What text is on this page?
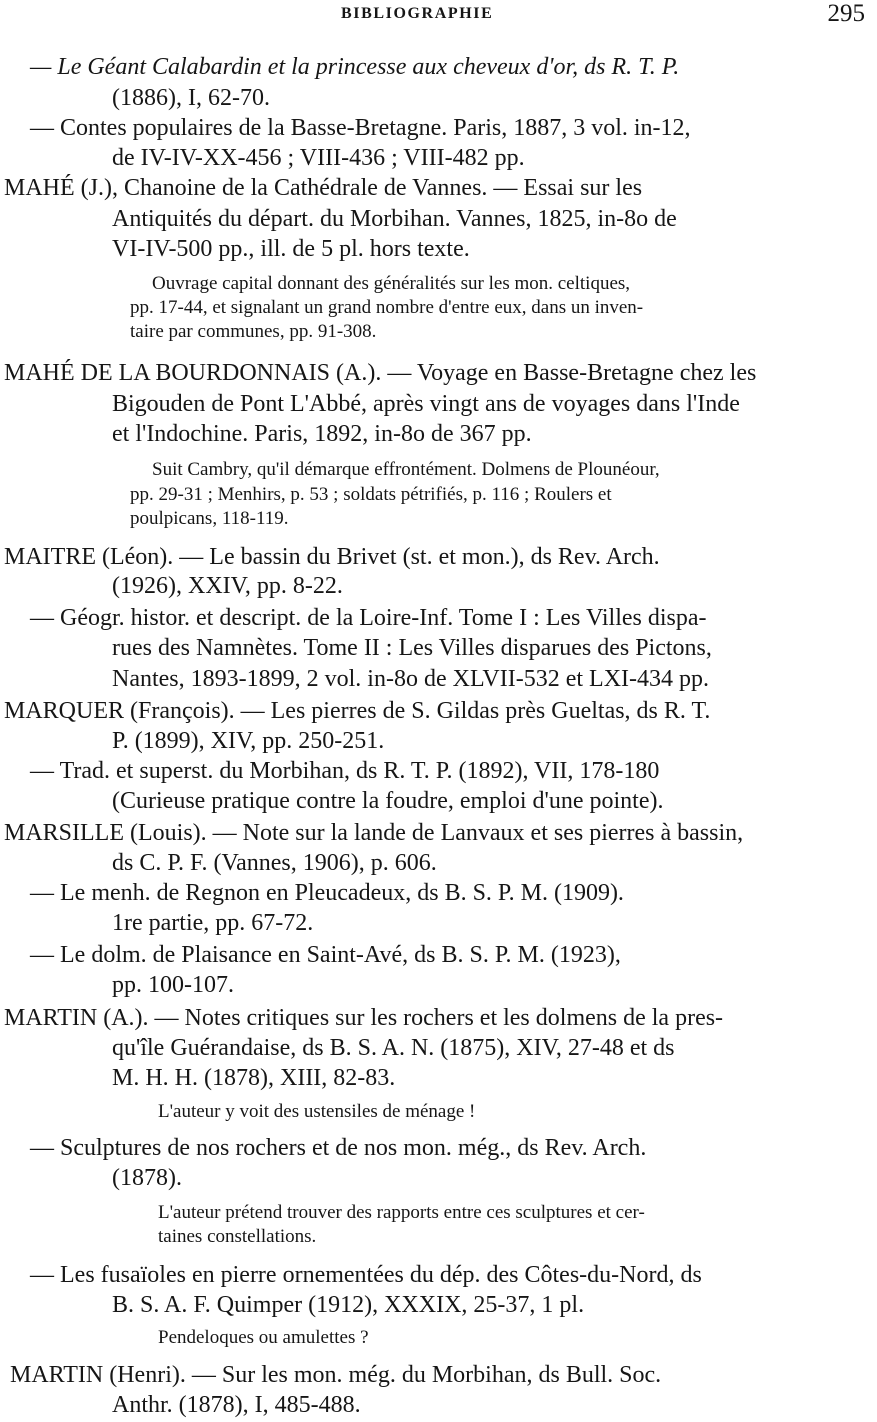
BIBLIOGRAPHIE	295
— Le Géant Calabardin et la princesse aux cheveux d'or, ds R. T. P.
(1886), I, 62-70.
— Contes populaires de la Basse-Bretagne. Paris, 1887, 3 vol. in-12,
de IV-IV-XX-456 ; VIII-436 ; VIII-482 pp.
MAHÉ (J.), Chanoine de la Cathédrale de Vannes. — Essai sur les
Antiquités du départ. du Morbihan. Vannes, 1825, in-8o de
VI-IV-500 pp., ill. de 5 pl. hors texte.
Ouvrage capital donnant des généralités sur les mon. celtiques,
pp. 17-44, et signalant un grand nombre d'entre eux, dans un inven-
taire par communes, pp. 91-308.
MAHÉ DE LA BOURDONNAIS (A.). — Voyage en Basse-Bretagne chez les
Bigouden de Pont L'Abbé, après vingt ans de voyages dans l'Inde
et l'Indochine. Paris, 1892, in-8o de 367 pp.
Suit Cambry, qu'il démarque effrontément. Dolmens de Plounéour,
pp. 29-31 ; Menhirs, p. 53 ; soldats pétrifiés, p. 116 ; Roulers et
poulpicans, 118-119.
MAITRE (Léon). — Le bassin du Brivet (st. et mon.), ds Rev. Arch.
(1926), XXIV, pp. 8-22.
— Géogr. histor. et descript. de la Loire-Inf. Tome I : Les Villes dispa-
rues des Namnètes. Tome II : Les Villes disparues des Pictons,
Nantes, 1893-1899, 2 vol. in-8o de XLVII-532 et LXI-434 pp.
MARQUER (François). — Les pierres de S. Gildas près Gueltas, ds R. T.
P. (1899), XIV, pp. 250-251.
— Trad. et superst. du Morbihan, ds R. T. P. (1892), VII, 178-180
(Curieuse pratique contre la foudre, emploi d'une pointe).
MARSILLE (Louis). — Note sur la lande de Lanvaux et ses pierres à bassin,
ds C. P. F. (Vannes, 1906), p. 606.
— Le menh. de Regnon en Pleucadeux, ds B. S. P. M. (1909).
1re partie, pp. 67-72.
— Le dolm. de Plaisance en Saint-Avé, ds B. S. P. M. (1923),
pp. 100-107.
MARTIN (A.). — Notes critiques sur les rochers et les dolmens de la pres-
qu'île Guérandaise, ds B. S. A. N. (1875), XIV, 27-48 et ds
M. H. H. (1878), XIII, 82-83.
L'auteur y voit des ustensiles de ménage !
— Sculptures de nos rochers et de nos mon. még., ds Rev. Arch.
(1878).
L'auteur prétend trouver des rapports entre ces sculptures et cer-
taines constellations.
— Les fusaïoles en pierre ornementées du dép. des Côtes-du-Nord, ds
B. S. A. F. Quimper (1912), XXXIX, 25-37, 1 pl.
Pendeloques ou amulettes ?
MARTIN (Henri). — Sur les mon. még. du Morbihan, ds Bull. Soc.
Anthr. (1878), I, 485-488.
